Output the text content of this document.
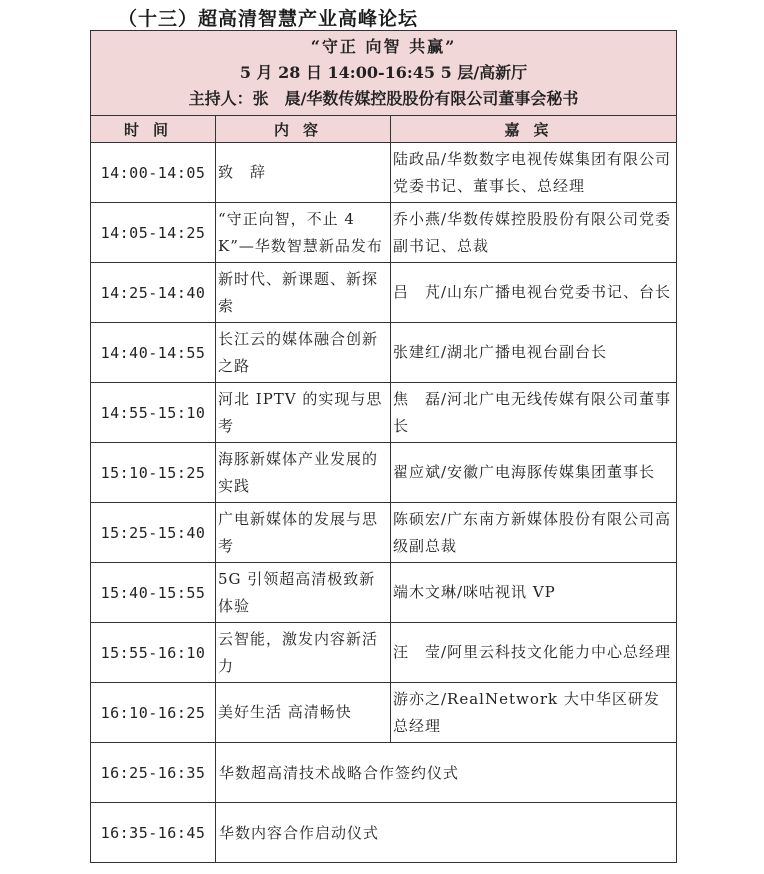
（十三）超高清智慧产业高峰论坛
“守正 向智 共赢”
5 月 28 日 14:00-16:45 5 层/高新厅
主持人：张　晨/华数传媒控股股份有限公司董事会秘书		

时间	内容	嘉宾
14:00-14:05	致　辞	陆政品/华数数字电视传媒集团有限公司党委书记、董事长、总经理
14:05-14:25	“守正向智，不止 4K”—华数智慧新品发布	乔小燕/华数传媒控股股份有限公司党委副书记、总裁
14:25-14:40	新时代、新课题、新探索	吕　芃/山东广播电视台党委书记、台长
14:40-14:55	长江云的媒体融合创新之路	张建红/湖北广播电视台副台长
14:55-15:10	河北 IPTV 的实现与思考	焦　磊/河北广电无线传媒有限公司董事长
15:10-15:25	海豚新媒体产业发展的实践	翟应斌/安徽广电海豚传媒集团董事长
15:25-15:40	广电新媒体的发展与思考	陈硕宏/广东南方新媒体股份有限公司高级副总裁
15:40-15:55	5G 引领超高清极致新体验	端木文琳/咪咕视讯 VP
15:55-16:10	云智能，激发内容新活力	汪　莹/阿里云科技文化能力中心总经理
16:10-16:25	美好生活 高清畅快	游亦之/RealNetwork 大中华区研发总经理
16:25-16:35	华数超高清技术战略合作签约仪式	
16:35-16:45	华数内容合作启动仪式	
